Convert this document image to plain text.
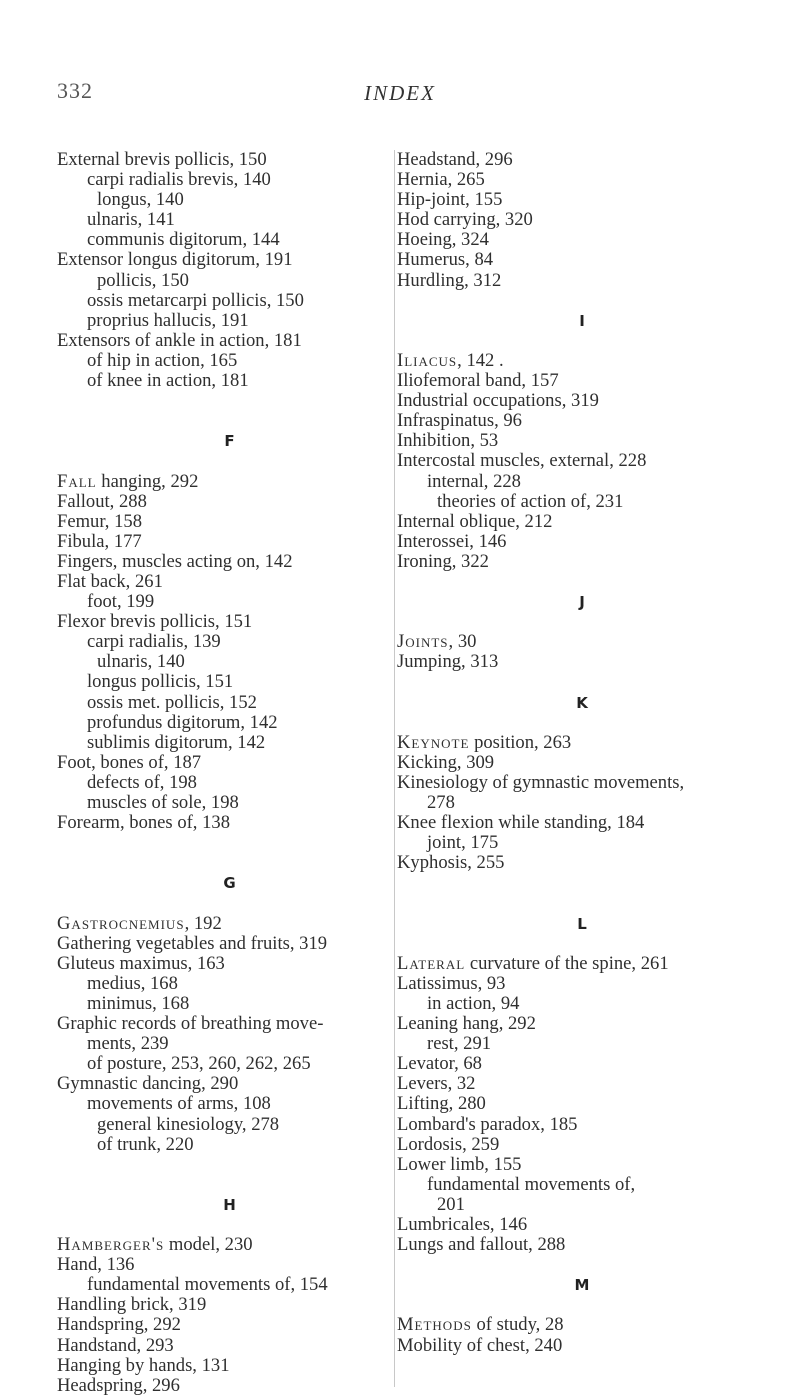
332	INDEX
External brevis pollicis, 150
carpi radialis brevis, 140
longus, 140
ulnaris, 141
communis digitorum, 144
Extensor longus digitorum, 191
pollicis, 150
ossis metarcarpi pollicis, 150
proprius hallucis, 191
Extensors of ankle in action, 181
of hip in action, 165
of knee in action, 181
F
Fall hanging, 292
Fallout, 288
Femur, 158
Fibula, 177
Fingers, muscles acting on, 142
Flat back, 261
foot, 199
Flexor brevis pollicis, 151
carpi radialis, 139
ulnaris, 140
longus pollicis, 151
ossis met. pollicis, 152
profundus digitorum, 142
sublimis digitorum, 142
Foot, bones of, 187
defects of, 198
muscles of sole, 198
Forearm, bones of, 138
G
Gastrocnemius, 192
Gathering vegetables and fruits, 319
Gluteus maximus, 163
medius, 168
minimus, 168
Graphic records of breathing move-
ments, 239
of posture, 253, 260, 262, 265
Gymnastic dancing, 290
movements of arms, 108
general kinesiology, 278
of trunk, 220
H
Hamberger's model, 230
Hand, 136
fundamental movements of, 154
Handling brick, 319
Handspring, 292
Handstand, 293
Hanging by hands, 131
Headspring, 296
Headstand, 296
Hernia, 265
Hip-joint, 155
Hod carrying, 320
Hoeing, 324
Humerus, 84
Hurdling, 312
I
Iliacus, 142 .
Iliofemoral band, 157
Industrial occupations, 319
Infraspinatus, 96
Inhibition, 53
Intercostal muscles, external, 228
internal, 228
theories of action of, 231
Internal oblique, 212
Interossei, 146
Ironing, 322
J
Joints, 30
Jumping, 313
K
Keynote position, 263
Kicking, 309
Kinesiology of gymnastic movements,
278
Knee flexion while standing, 184
joint, 175
Kyphosis, 255
L
Lateral curvature of the spine, 261
Latissimus, 93
in action, 94
Leaning hang, 292
rest, 291
Levator, 68
Levers, 32
Lifting, 280
Lombard's paradox, 185
Lordosis, 259
Lower limb, 155
fundamental movements of,
201
Lumbricales, 146
Lungs and fallout, 288
M
Methods of study, 28
Mobility of chest, 240
